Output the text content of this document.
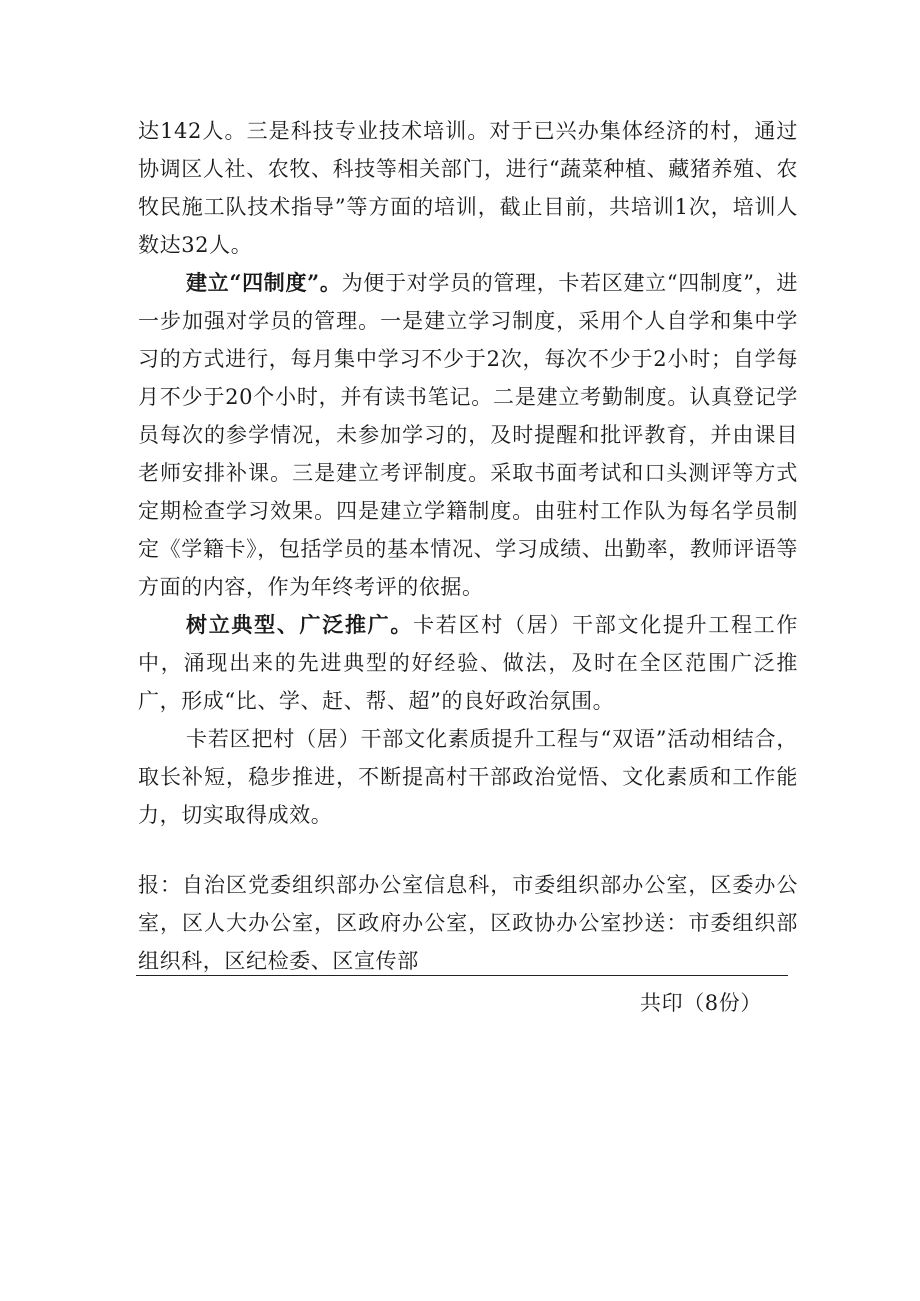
达142人。三是科技专业技术培训。对于已兴办集体经济的村，通过协调区人社、农牧、科技等相关部门，进行“蔬菜种植、藏猪养殖、农牧民施工队技术指导”等方面的培训，截止目前，共培训1次，培训人数达32人。

建立“四制度”。为便于对学员的管理，卡若区建立“四制度”，进一步加强对学员的管理。一是建立学习制度，采用个人自学和集中学习的方式进行，每月集中学习不少于2次，每次不少于2小时；自学每月不少于20个小时，并有读书笔记。二是建立考勤制度。认真登记学员每次的参学情况，未参加学习的，及时提醒和批评教育，并由课目老师安排补课。三是建立考评制度。采取书面考试和口头测评等方式定期检查学习效果。四是建立学籍制度。由驻村工作队为每名学员制定《学籍卡》，包括学员的基本情况、学习成绩、出勤率，教师评语等方面的内容，作为年终考评的依据。

树立典型、广泛推广。卡若区村（居）干部文化提升工程工作中，涌现出来的先进典型的好经验、做法，及时在全区范围广泛推广，形成“比、学、赶、帮、超”的良好政治氛围。

卡若区把村（居）干部文化素质提升工程与“双语”活动相结合，取长补短，稳步推进，不断提高村干部政治觉悟、文化素质和工作能力，切实取得成效。

报：自治区党委组织部办公室信息科，市委组织部办公室，区委办公室，区人大办公室，区政府办公室，区政协办公室抄送：市委组织部组织科，区纪检委、区宣传部

共印（8份）
